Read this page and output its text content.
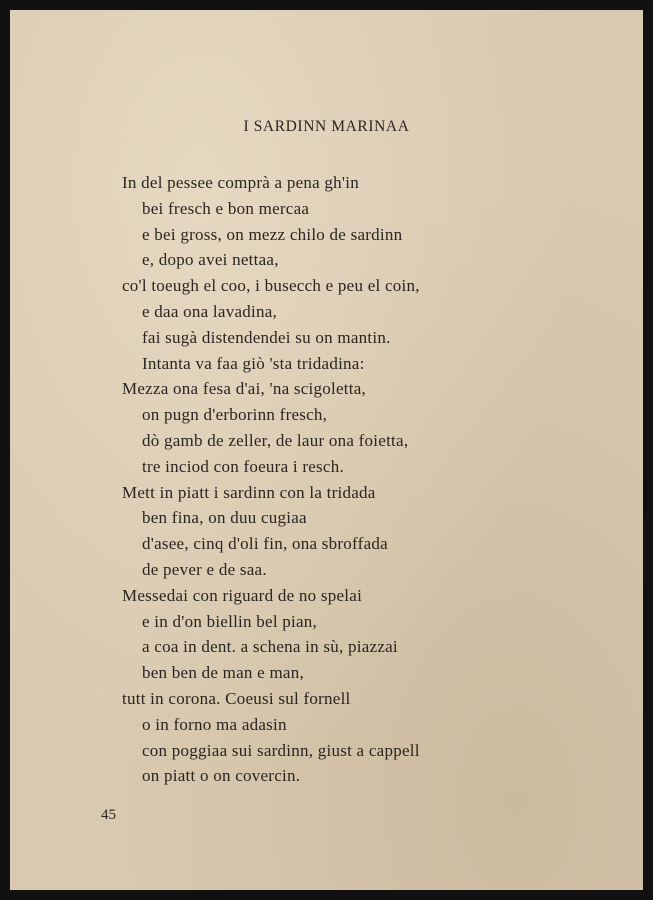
I SARDINN MARINAA
In del pessee comprà a pena gh'in
bei fresch e bon mercaa
e bei gross, on mezz chilo de sardinn
e, dopo avei nettaa,
co'l toeugh el coo, i busecch e peu el coin,
e daa ona lavadina,
fai sugà distendendei su on mantin.
Intanta va faa giò 'sta tridadina:
Mezza ona fesa d'ai, 'na scigoletta,
on pugn d'erborinn fresch,
dò gamb de zeller, de laur ona foietta,
tre inciod con foeura i resch.
Mett in piatt i sardinn con la tridada
ben fina, on duu cugiaa
d'asee, cinq d'oli fin, ona sbroffada
de pever e de saa.
Messedai con riguard de no spelai
e in d'on biellin bel pian,
a coa in dent. a schena in sù, piazzai
ben ben de man e man,
tutt in corona. Coeusi sul fornell
o in forno ma adasin
con poggiaa sui sardinn, giust a cappell
on piatt o on covercin.
45
